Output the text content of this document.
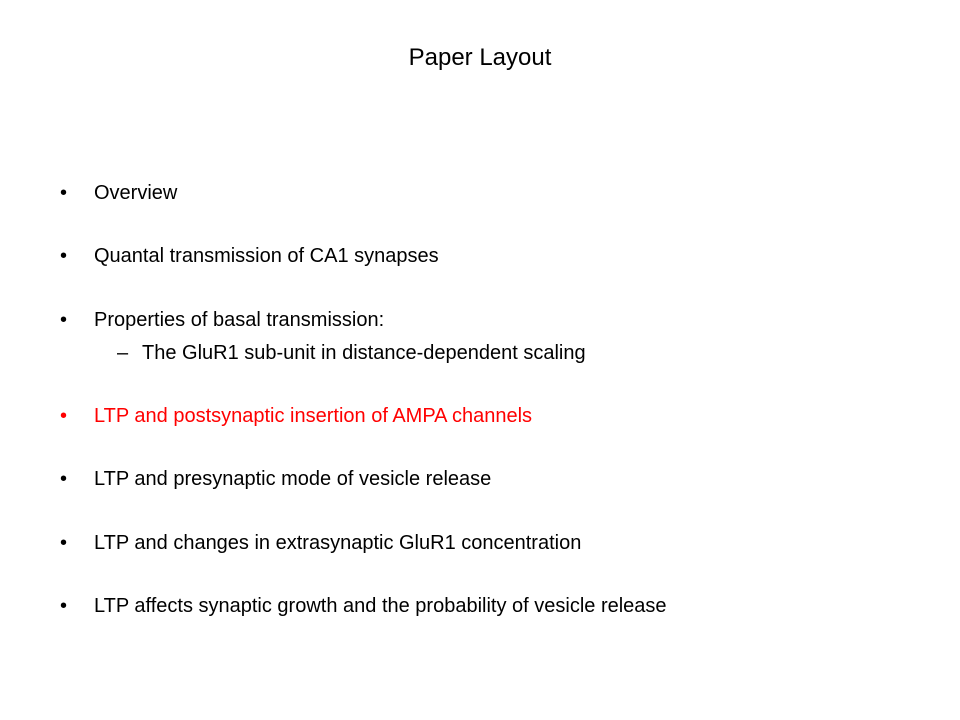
Paper Layout
• Overview
• Quantal transmission of CA1 synapses
• Properties of basal transmission:
– The GluR1 sub-unit in distance-dependent scaling
• LTP and postsynaptic insertion of AMPA channels
• LTP and presynaptic mode of vesicle release
• LTP and changes in extrasynaptic GluR1 concentration
• LTP affects synaptic growth and the probability of vesicle release
